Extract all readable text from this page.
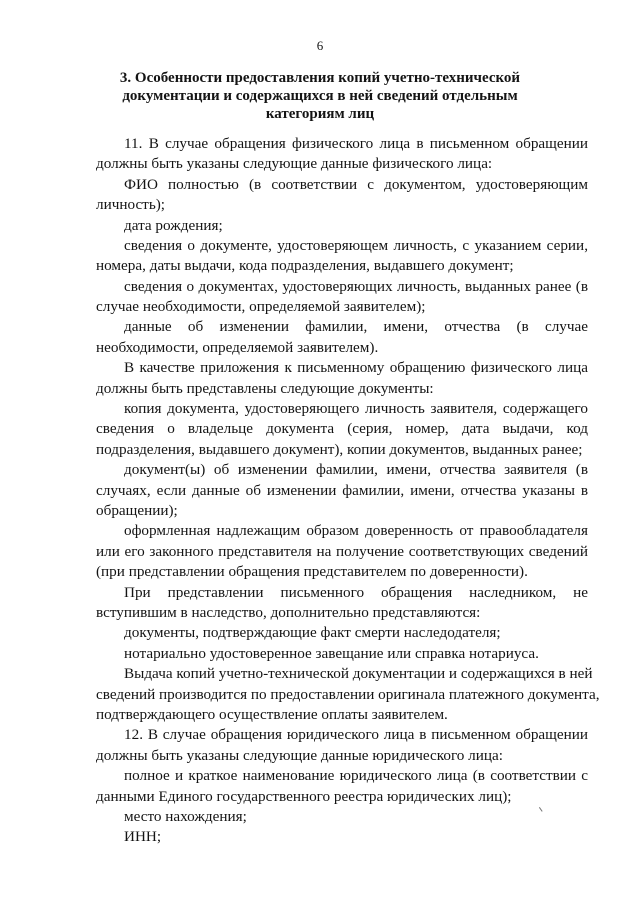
6
3. Особенности предоставления копий учетно-технической
документации и содержащихся в ней сведений отдельным
категориям лиц
11. В случае обращения физического лица в письменном обращении
должны быть указаны следующие данные физического лица:
ФИО полностью (в соответствии с документом, удостоверяющим
личность);
дата рождения;
сведения о документе, удостоверяющем личность, с указанием серии,
номера, даты выдачи, кода подразделения, выдавшего документ;
сведения о документах, удостоверяющих личность, выданных ранее (в
случае необходимости, определяемой заявителем);
данные об изменении фамилии, имени, отчества (в случае
необходимости, определяемой заявителем).
В качестве приложения к письменному обращению физического лица
должны быть представлены следующие документы:
копия документа, удостоверяющего личность заявителя, содержащего
сведения о владельце документа (серия, номер, дата выдачи, код
подразделения, выдавшего документ), копии документов, выданных ранее;
документ(ы) об изменении фамилии, имени, отчества заявителя (в
случаях, если данные об изменении фамилии, имени, отчества указаны в
обращении);
оформленная надлежащим образом доверенность от правообладателя
или его законного представителя на получение соответствующих сведений
(при представлении обращения представителем по доверенности).
При представлении письменного обращения наследником, не
вступившим в наследство, дополнительно представляются:
документы, подтверждающие факт смерти наследодателя;
нотариально удостоверенное завещание или справка нотариуса.
Выдача копий учетно-технической документации и содержащихся в ней
сведений производится по предоставлении оригинала платежного документа,
подтверждающего осуществление оплаты заявителем.
12. В случае обращения юридического лица в письменном обращении
должны быть указаны следующие данные юридического лица:
полное и краткое наименование юридического лица (в соответствии с
данными Единого государственного реестра юридических лиц);
место нахождения;
ИНН;
